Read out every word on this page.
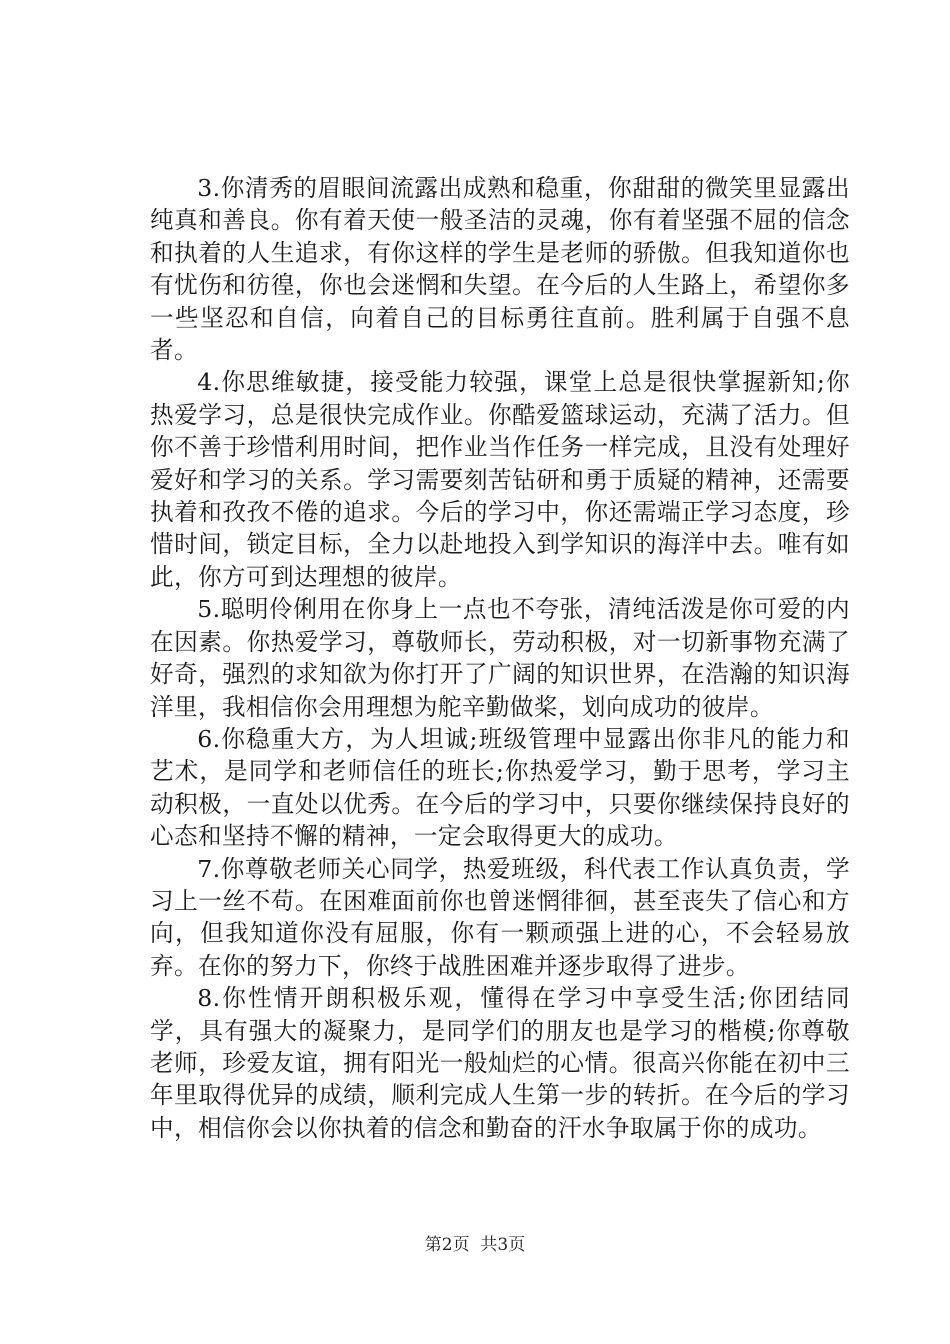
3.你清秀的眉眼间流露出成熟和稳重，你甜甜的微笑里显露出纯真和善良。你有着天使一般圣洁的灵魂，你有着坚强不屈的信念和执着的人生追求，有你这样的学生是老师的骄傲。但我知道你也有忧伤和彷徨，你也会迷惘和失望。在今后的人生路上，希望你多一些坚忍和自信，向着自己的目标勇往直前。胜利属于自强不息者。

4.你思维敏捷，接受能力较强，课堂上总是很快掌握新知;你热爱学习，总是很快完成作业。你酷爱篮球运动，充满了活力。但你不善于珍惜利用时间，把作业当作任务一样完成，且没有处理好爱好和学习的关系。学习需要刻苦钻研和勇于质疑的精神，还需要执着和孜孜不倦的追求。今后的学习中，你还需端正学习态度，珍惜时间，锁定目标，全力以赴地投入到学知识的海洋中去。唯有如此，你方可到达理想的彼岸。

5.聪明伶俐用在你身上一点也不夸张，清纯活泼是你可爱的内在因素。你热爱学习，尊敬师长，劳动积极，对一切新事物充满了好奇，强烈的求知欲为你打开了广阔的知识世界，在浩瀚的知识海洋里，我相信你会用理想为舵辛勤做桨，划向成功的彼岸。

6.你稳重大方，为人坦诚;班级管理中显露出你非凡的能力和艺术，是同学和老师信任的班长;你热爱学习，勤于思考，学习主动积极，一直处以优秀。在今后的学习中，只要你继续保持良好的心态和坚持不懈的精神，一定会取得更大的成功。

7.你尊敬老师关心同学，热爱班级，科代表工作认真负责，学习上一丝不苟。在困难面前你也曾迷惘徘徊，甚至丧失了信心和方向，但我知道你没有屈服，你有一颗顽强上进的心，不会轻易放弃。在你的努力下，你终于战胜困难并逐步取得了进步。

8.你性情开朗积极乐观，懂得在学习中享受生活;你团结同学，具有强大的凝聚力，是同学们的朋友也是学习的楷模;你尊敬老师，珍爱友谊，拥有阳光一般灿烂的心情。很高兴你能在初中三年里取得优异的成绩，顺利完成人生第一步的转折。在今后的学习中，相信你会以你执着的信念和勤奋的汗水争取属于你的成功。

第2页  共3页
